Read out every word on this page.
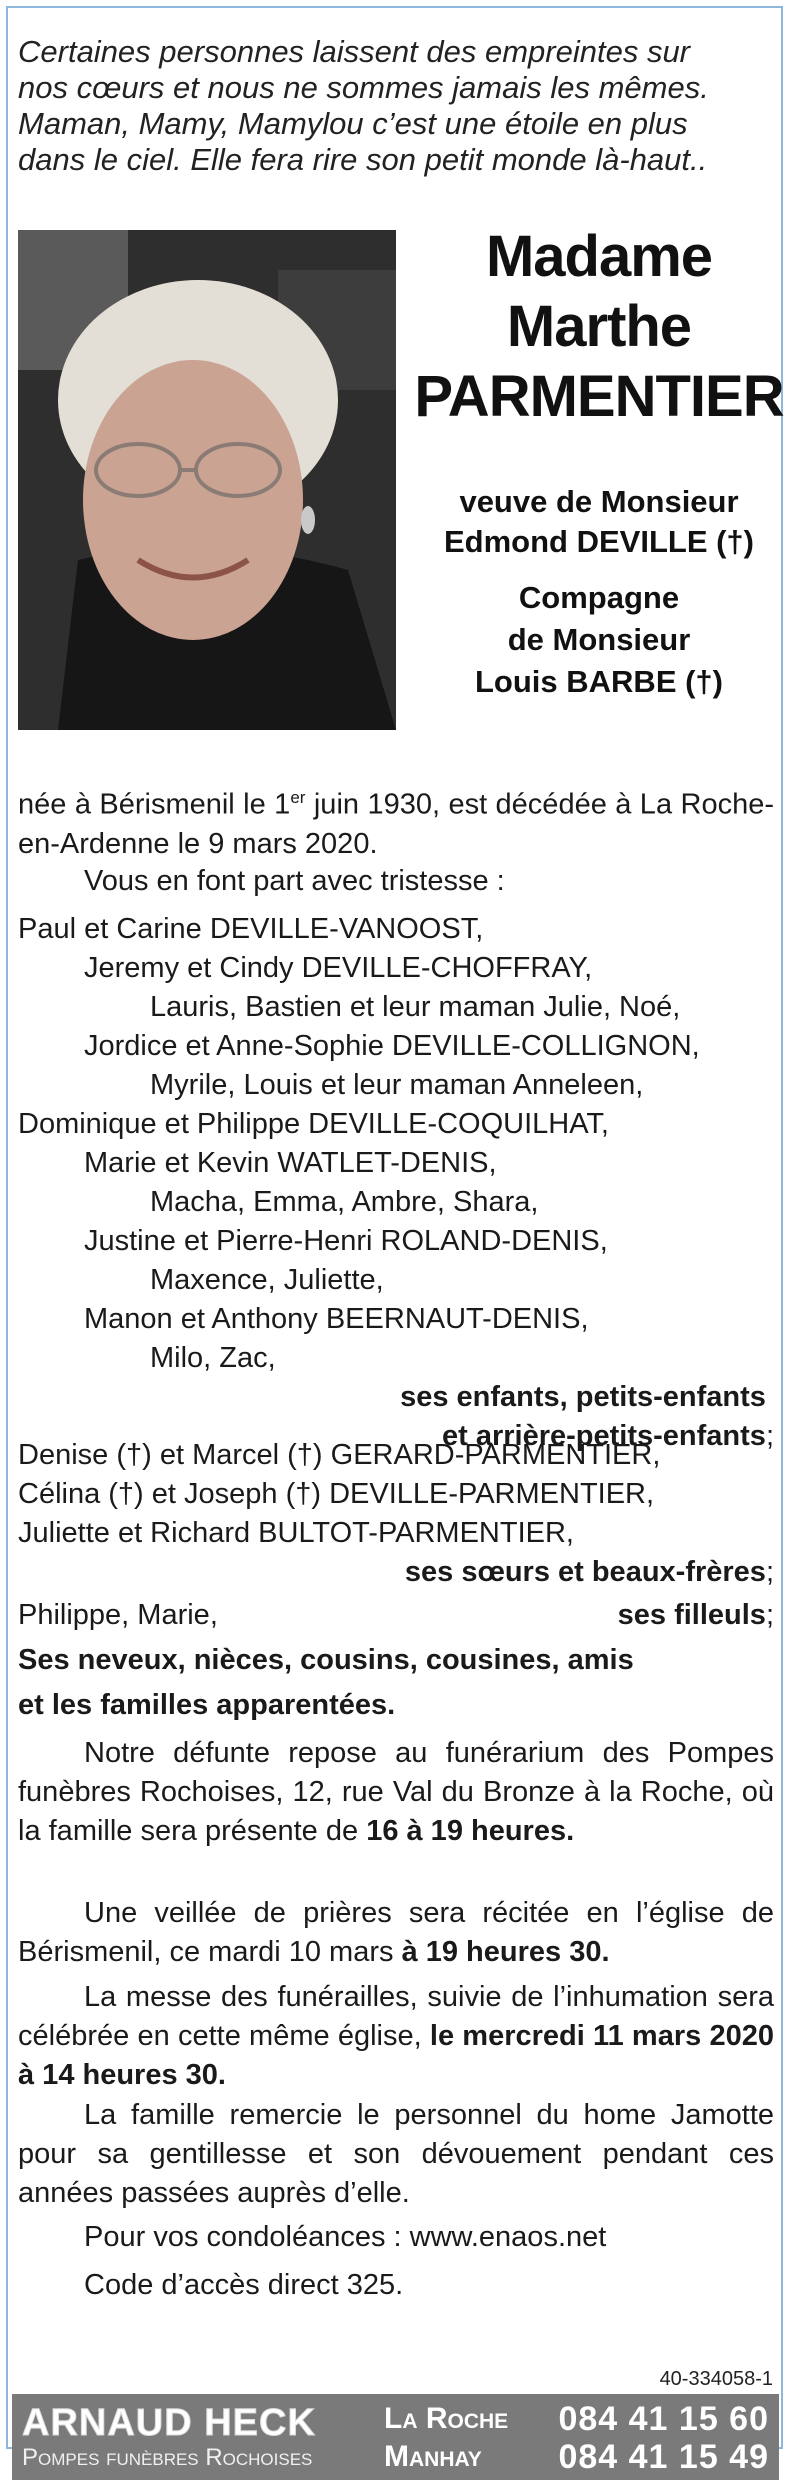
Certaines personnes laissent des empreintes sur
nos cœurs et nous ne sommes jamais les mêmes.
Maman, Mamy, Mamylou c’est une étoile en plus
dans le ciel. Elle fera rire son petit monde là-haut..
Madame
Marthe
PARMENTIER
veuve de Monsieur
Edmond DEVILLE (†)
Compagne
de Monsieur
Louis BARBE (†)
née à Bérismenil le 1er juin 1930, est décédée à La Roche-en-Ardenne le 9 mars 2020.
Vous en font part avec tristesse :
Paul et Carine DEVILLE-VANOOST,
Jeremy et Cindy DEVILLE-CHOFFRAY,
Lauris, Bastien et leur maman Julie, Noé,
Jordice et Anne-Sophie DEVILLE-COLLIGNON,
Myrile, Louis et leur maman Anneleen,
Dominique et Philippe DEVILLE-COQUILHAT,
Marie et Kevin WATLET-DENIS,
Macha, Emma, Ambre, Shara,
Justine et Pierre-Henri ROLAND-DENIS,
Maxence, Juliette,
Manon et Anthony BEERNAUT-DENIS,
Milo, Zac,
ses enfants, petits-enfants
et arrière-petits-enfants;
Denise (†) et Marcel (†) GERARD-PARMENTIER,
Célina (†) et Joseph (†) DEVILLE-PARMENTIER,
Juliette et Richard BULTOT-PARMENTIER,
ses sœurs et beaux-frères;
Philippe, Marie,	ses filleuls;
Ses neveux, nièces, cousins, cousines, amis
et les familles apparentées.
Notre défunte repose au funérarium des Pompes funèbres Rochoises, 12, rue Val du Bronze à la Roche, où la famille sera présente de 16 à 19 heures.
Une veillée de prières sera récitée en l’église de Bérismenil, ce mardi 10 mars à 19 heures 30.
La messe des funérailles, suivie de l’inhumation sera célébrée en cette même église, le mercredi 11 mars 2020 à 14 heures 30.
La famille remercie le personnel du home Jamotte pour sa gentillesse et son dévouement pendant ces années passées auprès d’elle.
Pour vos condoléances : www.enaos.net
Code d’accès direct 325.
40-334058-1
ARNAUD HECK
Pompes funèbres Rochoises
La Roche 084 41 15 60
Manhay 084 41 15 49
